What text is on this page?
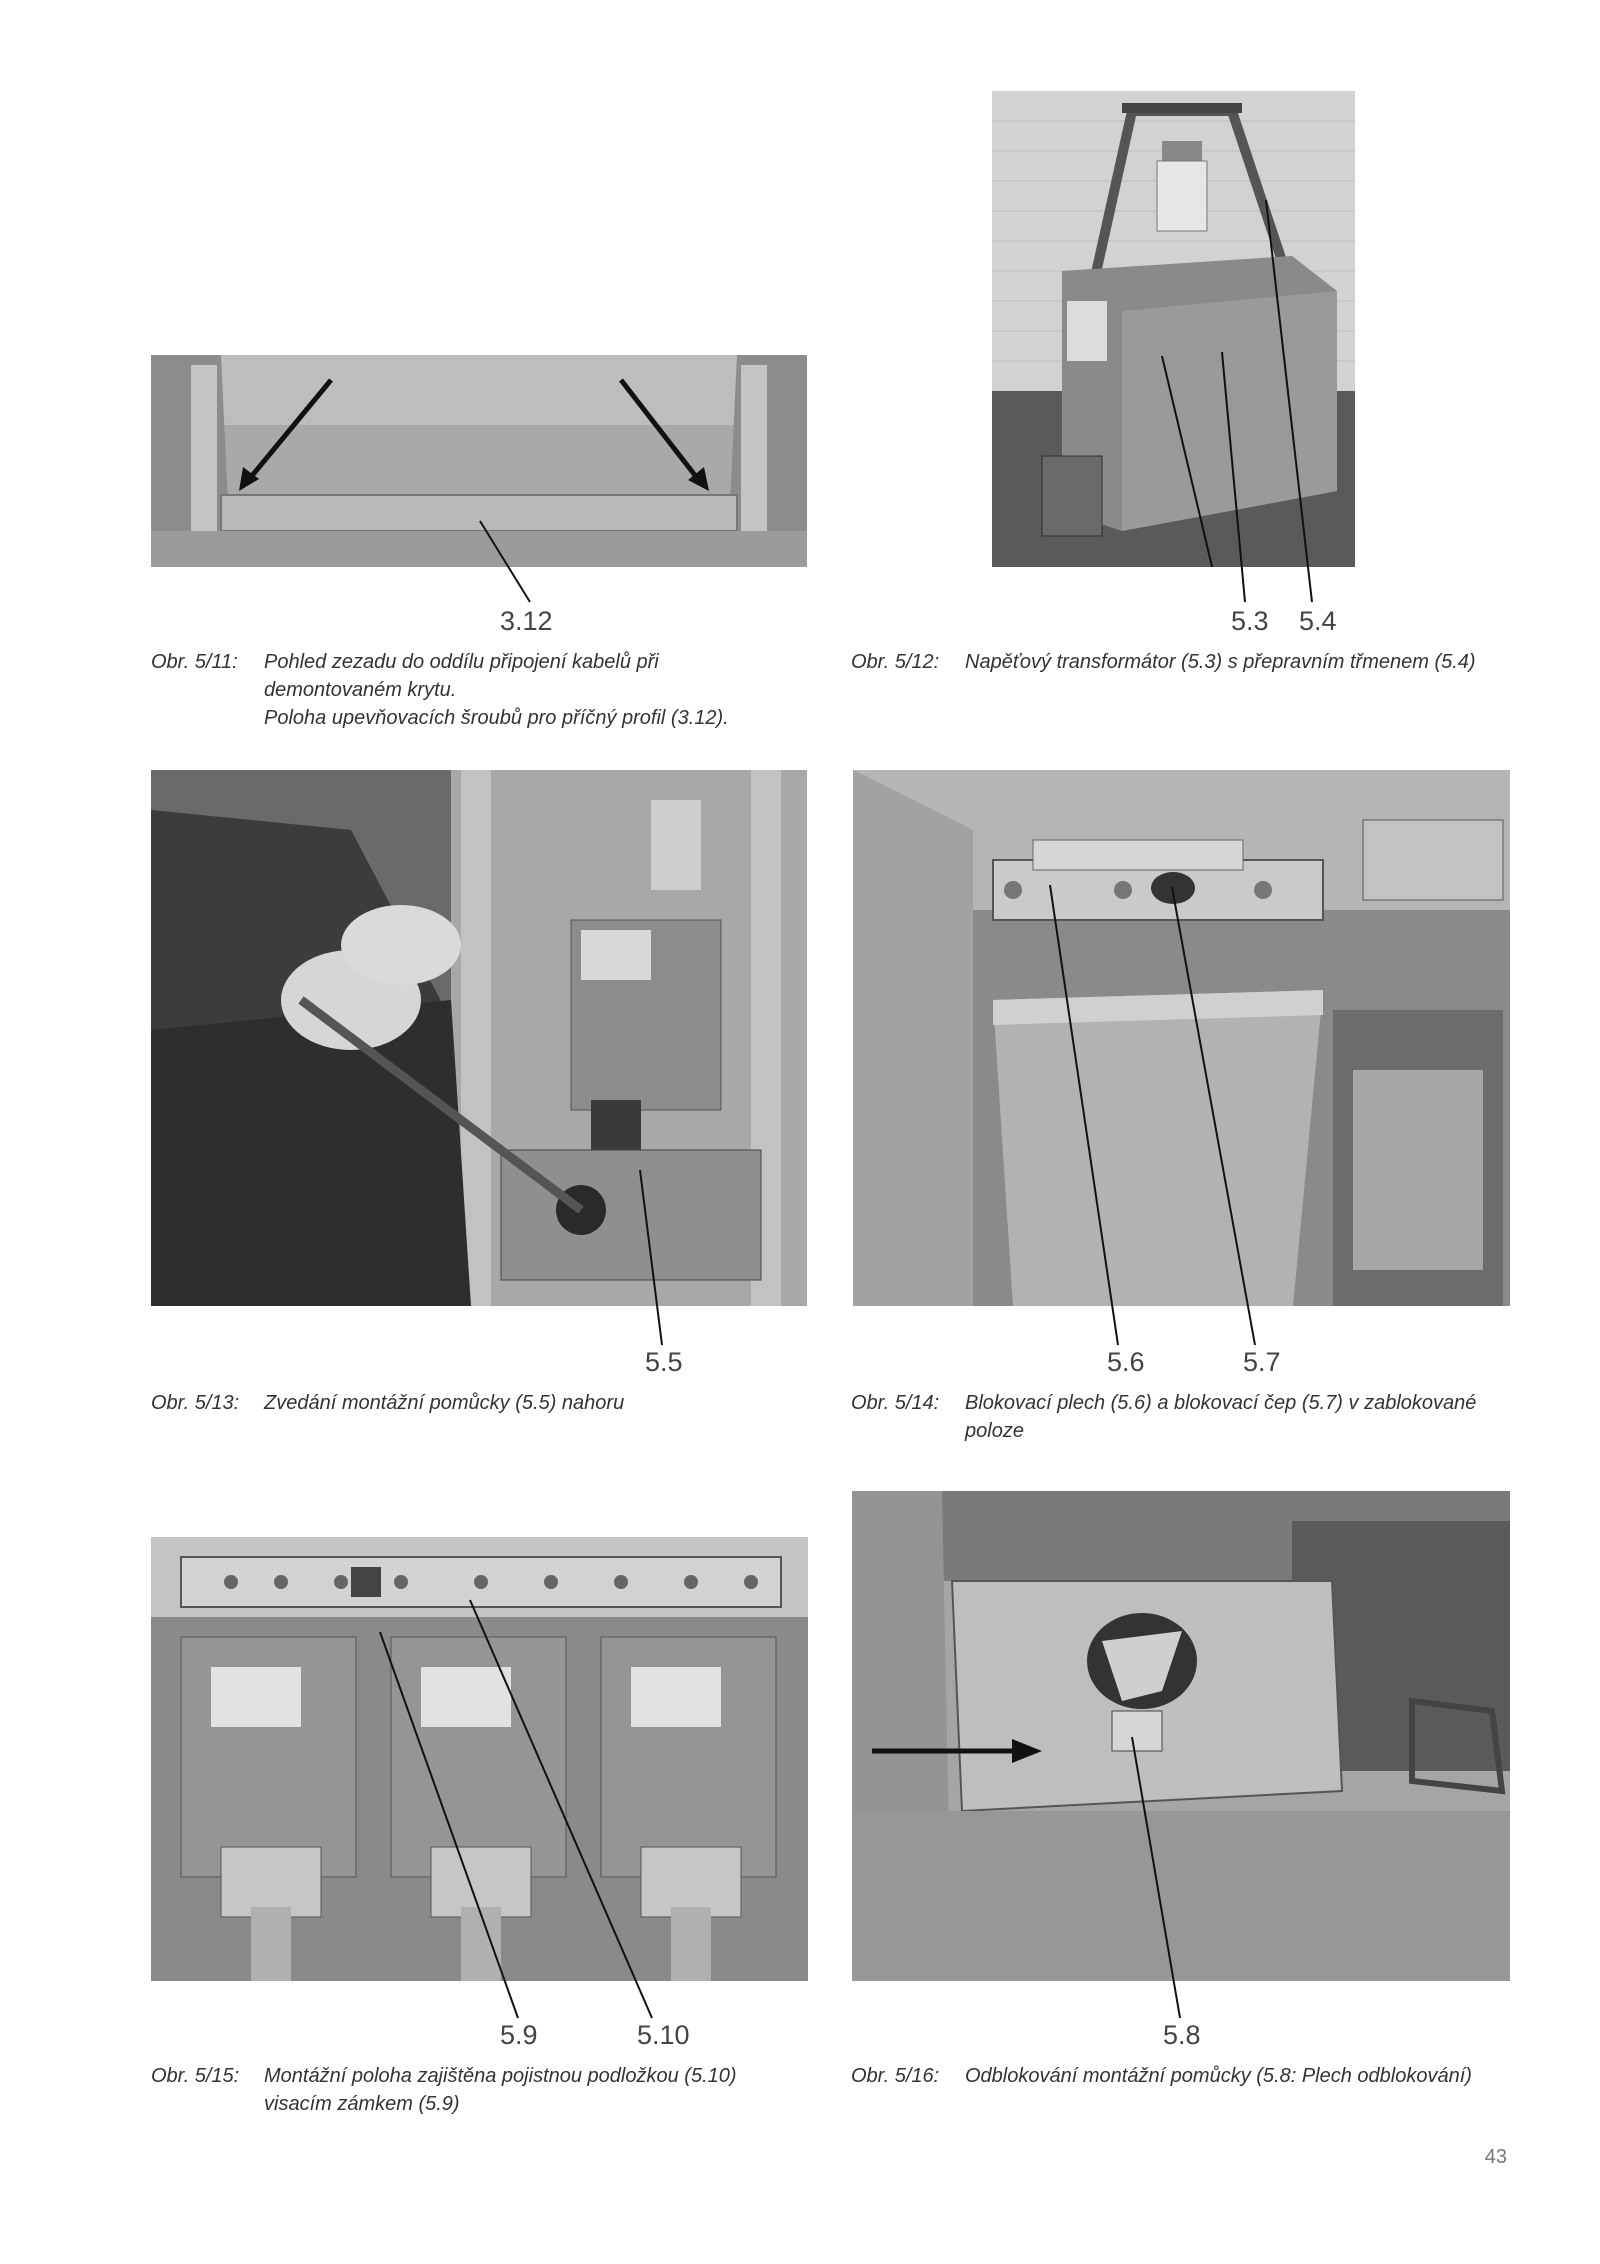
3.12
Obr. 5/11: Pohled zezadu do oddílu připojení kabelů při
demontovaném krytu.
Poloha upevňovacích šroubů pro příčný profil (3.12).
5.3 5.4
Obr. 5/12: Napěťový transformátor (5.3) s přepravním třmenem (5.4)
5.5
Obr. 5/13: Zvedání montážní pomůcky (5.5) nahoru
5.6	5.7
Obr. 5/14: Blokovací plech (5.6) a blokovací čep (5.7) v zablokované
poloze
5.9	5.10
Obr. 5/15: Montážní poloha zajištěna pojistnou podložkou (5.10)
visacím zámkem (5.9)
5.8
Obr. 5/16: Odblokování montážní pomůcky (5.8: Plech odblokování)
43
